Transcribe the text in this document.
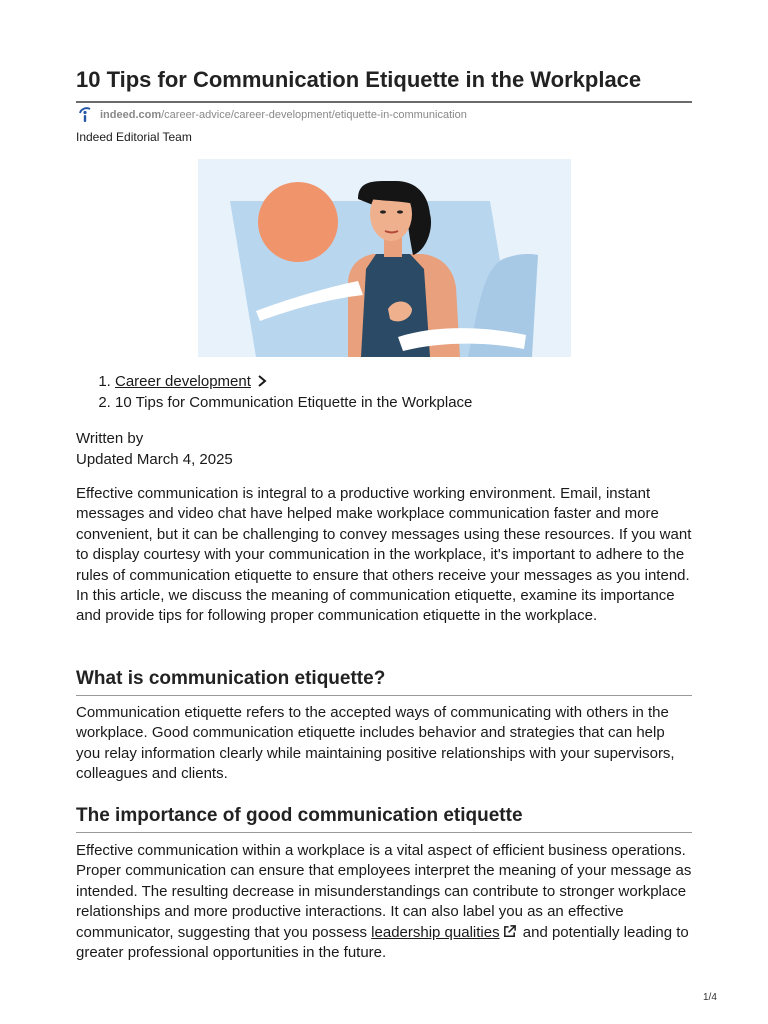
10 Tips for Communication Etiquette in the Workplace
indeed.com /career-advice/career-development/etiquette-in-communication
Indeed Editorial Team
1. Career development
2. 10 Tips for Communication Etiquette in the Workplace
Written by
Updated March 4, 2025

Effective communication is integral to a productive working environment. Email, instant messages and video chat have helped make workplace communication faster and more convenient, but it can be challenging to convey messages using these resources. If you want to display courtesy with your communication in the workplace, it's important to adhere to the rules of communication etiquette to ensure that others receive your messages as you intend. In this article, we discuss the meaning of communication etiquette, examine its importance and provide tips for following proper communication etiquette in the workplace.

What is communication etiquette?

Communication etiquette refers to the accepted ways of communicating with others in the workplace. Good communication etiquette includes behavior and strategies that can help you relay information clearly while maintaining positive relationships with your supervisors, colleagues and clients.

The importance of good communication etiquette

Effective communication within a workplace is a vital aspect of efficient business operations. Proper communication can ensure that employees interpret the meaning of your message as intended. The resulting decrease in misunderstandings can contribute to stronger workplace relationships and more productive interactions. It can also label you as an effective communicator, suggesting that you possess leadership qualities and potentially leading to greater professional opportunities in the future.

1/4
